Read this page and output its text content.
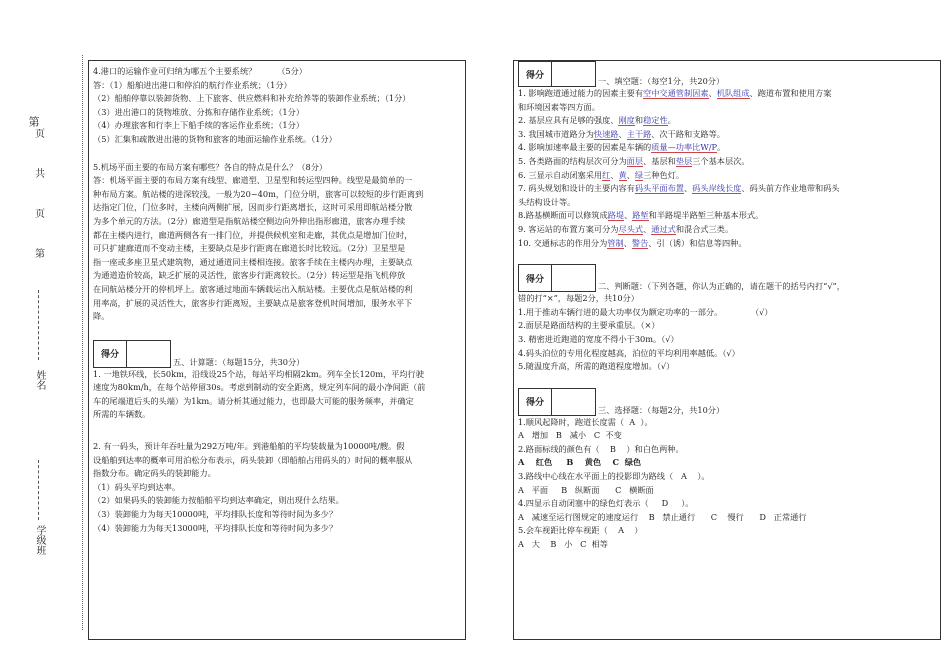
第
页
共
页
第
姓名
学级班

4.港口的运输作业可归纳为哪五个主要系统？        （5分）

答：（1）船舶进出港口和停泊的航行作业系统；（1分）

（2）船舶停靠以装卸货物、上下旅客、供应燃料和补充给养等的装卸作业系统；（1分）

（3）进出港口的货物堆放、分拣和存储作业系统；（1分）

（4）办理旅客和行李上下船手续的客运作业系统；（1分）

（5）汇集和疏散进出港的货物和旅客的地面运输作业系统。（1分）

5.机场平面主要的布局方案有哪些？各自的特点是什么？（8分）

答：机场平面主要的布局方案有线型、廊道型、卫星型和转运型四种。线型是最简单的一

种布局方案。航站楼的进深较浅，一般为20~40m，门位分明，旅客可以较短的步行距离到

达指定门位，门位多时，主楼向两侧扩展，因而步行距离增长，这时可采用即航站楼分散

为多个单元的方法。（2分）廊道型是指航站楼空侧边向外伸出指形廊道，旅客办理手续

都在主楼内进行，廊道两侧各有一排门位，并提供候机室和走廊，其优点是增加门位时，

可只扩建廊道而不变动主楼，主要缺点是步行距离在廊道长时比较远。（2分）卫星型是

指一座或多座卫星式建筑物，通过通道同主楼相连接。旅客手续在主楼内办理，主要缺点

为通道造价较高，缺乏扩展的灵活性，旅客步行距离较长。（2分）转运型是指飞机停放

在同航站楼分开的停机坪上。旅客通过地面车辆载运出入航站楼。主要优点是航站楼的利

用率高，扩展的灵活性大，旅客步行距离短，主要缺点是旅客登机时间增加，服务水平下

降。

得分
五、计算题：（每题15分，共30分）

1. 一地铁环线，长50km，沿线设25个站，每站平均相隔2km。列车全长120m，平均行驶

速度为80km/h，在每个站停留30s。考虑到制动的安全距离，规定列车间的最小净间距（前

车的尾端道后头的头端）为1km。请分析其通过能力，也即最大可能的服务频率，并确定

所需的车辆数。

2. 有一码头，预计年吞吐量为292万吨/年。到港船舶的平均装载量为10000吨/艘。假

设船舶到达率的概率可用泊松分布表示，码头装卸（即船舶占用码头的）时间的概率服从

指数分布。确定码头的装卸能力。

（1）码头平均到达率。

（2）如果码头的装卸能力按船舶平均到达率确定，则出现什么结果。

（3）装卸能力为每天10000吨，平均排队长度和等待时间为多少？

（4）装卸能力为每天13000吨，平均排队长度和等待时间为多少？

得分
一、填空题：（每空1分，共20分）

1. 影响跑道通过能力的因素主要有空中交通管制因素、机队组成、跑道布置和使用方案

和环境因素等四方面。

2. 基层应具有足够的强度、刚度和稳定性。

3. 我国城市道路分为快速路、主干路、次干路和支路等。

4. 影响加速率最主要的因素是车辆的质量—功率比W/P。

5. 各类路面的结构层次可分为面层、基层和垫层三个基本层次。

6. 三显示自动闭塞采用红、黄、绿三种色灯。

7. 码头规划和设计的主要内容有码头平面布置、码头岸线长度、码头前方作业地带和码头

头结构设计等。

8.路基横断面可以修筑成路堤、路堑和半路堤半路堑三种基本形式。

9. 客运站的布置方案可分为尽头式、通过式和混合式三类。

10. 交通标志的作用分为管制、警告、引（诱）和信息等四种。

得分
二、判断题：（下列各题，你认为正确的，请在题干的括号内打“√”，

错的打“×”，每题2分，共10分）

1.用于推动车辆行进的最大功率仅为额定功率的一部分。           （√）

2.面层是路面结构的主要承重层。（×）

3. 精密进近跑道的宽度不得小于30m。（√）

4.码头泊位的专用化程度越高，泊位的平均利用率越低。（√）

5.随温度升高，所需的跑道程度增加。（√）

得分
三、选择题：（每题2分，共10分）

1.顺风起降时，跑道长度需（  A  ）。

A   增加   B   减小   C  不变

2.路面标线的颜色有（    B    ）和白色两种。

A    红色     B    黄色    C  绿色

3.路线中心线在水平面上的投影即为路线（   A    ）。

A   平面     B   纵断面      C   横断面

4.四显示自动闭塞中的绿色灯表示（     D     ）。

A   减速至运行图规定的速度运行    B   禁止通行      C    慢行      D   正常通行

5.会车视距比停车视距（    A    ）

A   大    B   小   C  相等
